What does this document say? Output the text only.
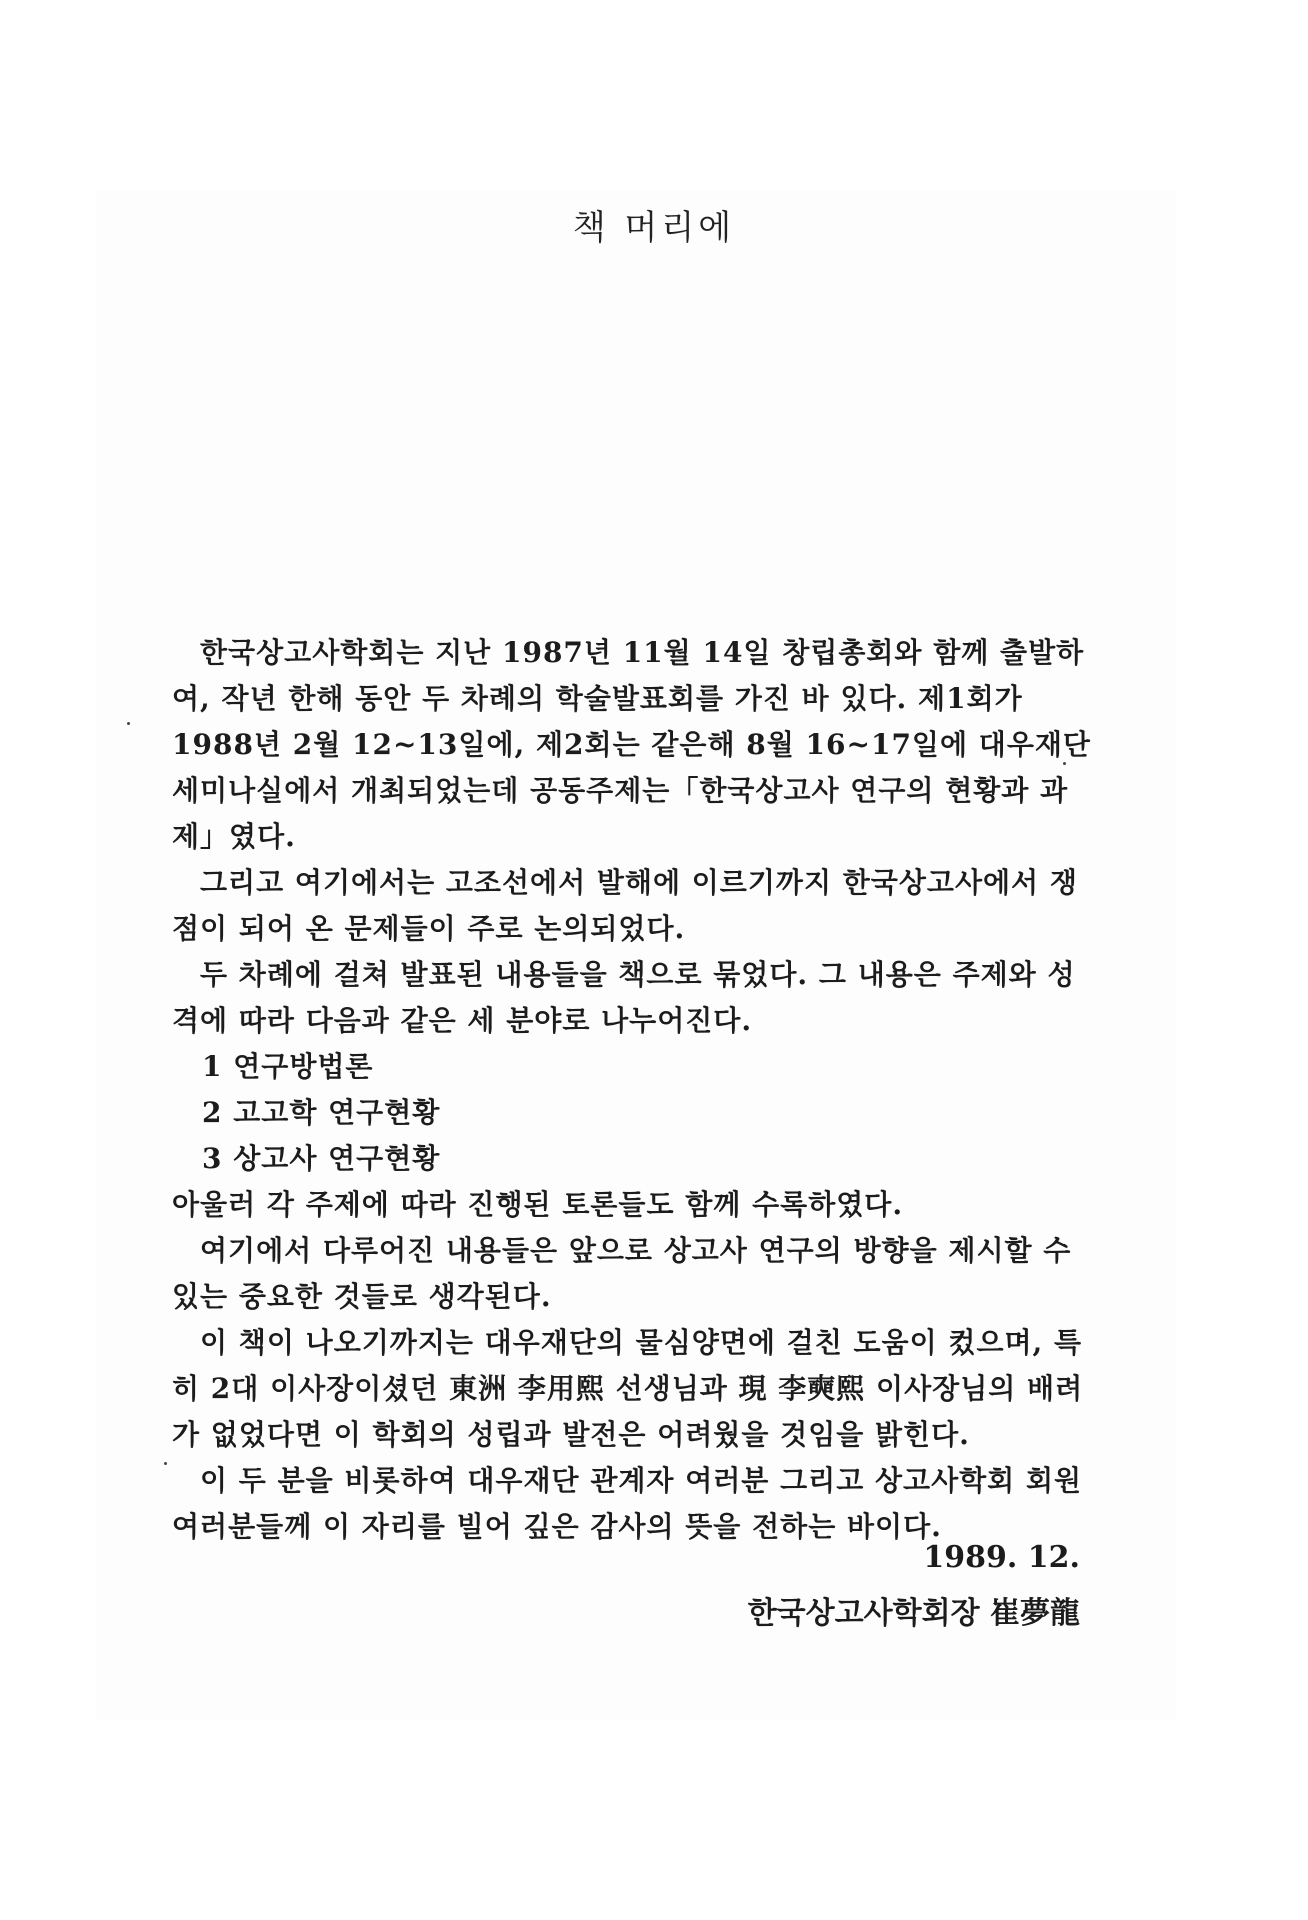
책 머리에

한국상고사학회는 지난 1987년 11월 14일 창립총회와 함께 출발하여, 작년 한해 동안 두 차례의 학술발표회를 가진 바 있다. 제1회가 1988년 2월 12~13일에, 제2회는 같은해 8월 16~17일에 대우재단 세미나실에서 개최되었는데 공동주제는「한국상고사 연구의 현황과 과제」였다.

그리고 여기에서는 고조선에서 발해에 이르기까지 한국상고사에서 쟁점이 되어 온 문제들이 주로 논의되었다.

두 차례에 걸쳐 발표된 내용들을 책으로 묶었다. 그 내용은 주제와 성격에 따라 다음과 같은 세 분야로 나누어진다.

1 연구방법론

2 고고학 연구현황

3 상고사 연구현황

아울러 각 주제에 따라 진행된 토론들도 함께 수록하였다.

여기에서 다루어진 내용들은 앞으로 상고사 연구의 방향을 제시할 수 있는 중요한 것들로 생각된다.

이 책이 나오기까지는 대우재단의 물심양면에 걸친 도움이 컸으며, 특히 2대 이사장이셨던 東洲 李用熙 선생님과 現 李奭熙 이사장님의 배려가 없었다면 이 학회의 성립과 발전은 어려웠을 것임을 밝힌다.

이 두 분을 비롯하여 대우재단 관계자 여러분 그리고 상고사학회 회원 여러분들께 이 자리를 빌어 깊은 감사의 뜻을 전하는 바이다.

1989. 12.
한국상고사학회장 崔夢龍
